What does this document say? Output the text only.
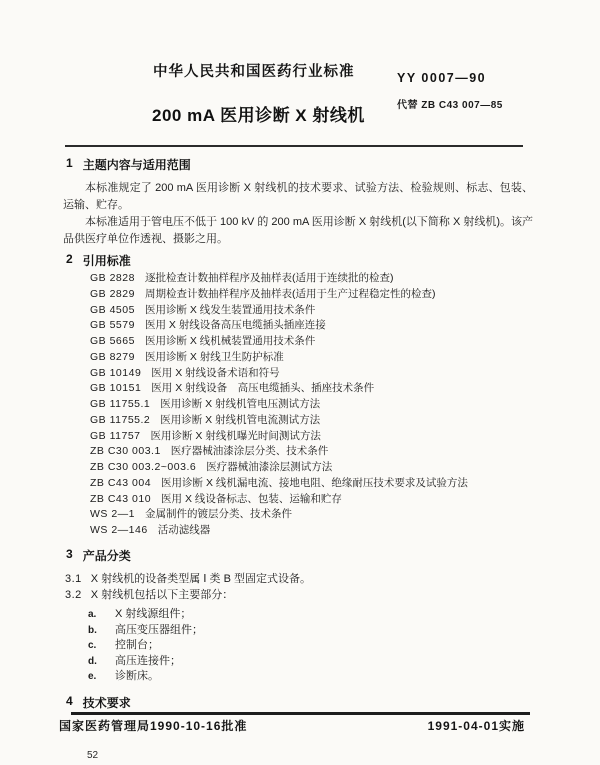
中华人民共和国医药行业标准	YY 0007—90
200 mA 医用诊断 X 射线机
代替 ZB C43 007—85
1 主题内容与适用范围

本标准规定了 200 mA 医用诊断 X 射线机的技术要求、试验方法、检验规则、标志、包装、运输、贮存。

本标准适用于管电压不低于 100 kV 的 200 mA 医用诊断 X 射线机(以下简称 X 射线机)。该产品供医疗单位作透视、摄影之用。

2 引用标准
GB 2828 逐批检查计数抽样程序及抽样表(适用于连续批的检查)
GB 2829 周期检查计数抽样程序及抽样表(适用于生产过程稳定性的检查)
GB 4505 医用诊断 X 线发生装置通用技术条件
GB 5579 医用 X 射线设备高压电缆插头插座连接
GB 5665 医用诊断 X 线机械装置通用技术条件
GB 8279 医用诊断 X 射线卫生防护标准
GB 10149 医用 X 射线设备术语和符号
GB 10151 医用 X 射线设备　高压电缆插头、插座技术条件
GB 11755.1 医用诊断 X 射线机管电压测试方法
GB 11755.2 医用诊断 X 射线机管电流测试方法
GB 11757 医用诊断 X 射线机曝光时间测试方法
ZB C30 003.1 医疗器械油漆涂层分类、技术条件
ZB C30 003.2~003.6 医疗器械油漆涂层测试方法
ZB C43 004 医用诊断 X 线机漏电流、接地电阻、绝缘耐压技术要求及试验方法
ZB C43 010 医用 X 线设备标志、包装、运输和贮存
WS 2—1 金属制件的镀层分类、技术条件
WS 2—146 活动滤线器
3 产品分类
3.1 X 射线机的设备类型属 Ⅰ 类 B 型固定式设备。
3.2 X 射线机包括以下主要部分：
a. X 射线源组件；
b. 高压变压器组件；
c. 控制台；
d. 高压连接件；
e. 诊断床。
4 技术要求
国家医药管理局1990-10-16批准	1991-04-01实施
52
